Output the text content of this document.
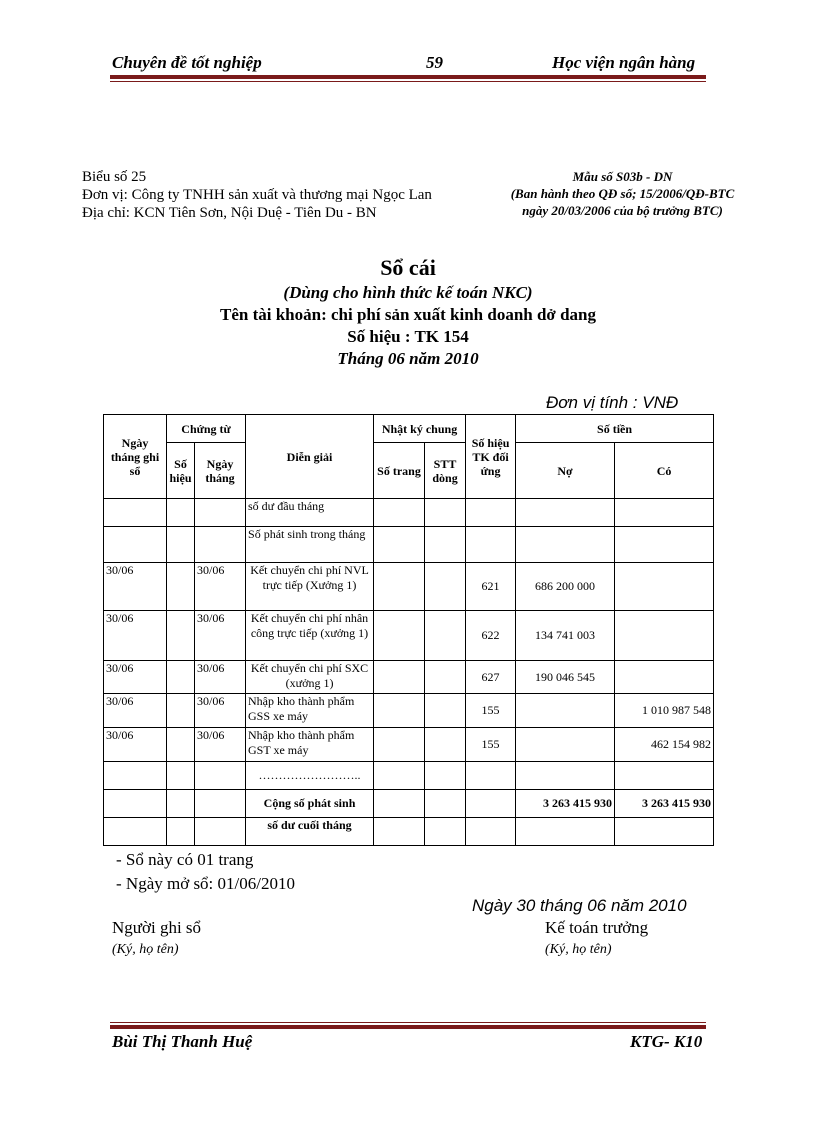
Chuyên đề tốt nghiệp	59	Học viện ngân hàng
Biểu số 25
Đơn vị: Công ty TNHH sản xuất và thương mại Ngọc Lan
Địa chỉ: KCN Tiên Sơn, Nội Duệ - Tiên Du - BN
Mẫu số S03b - DN
(Ban hành theo QĐ số; 15/2006/QĐ-BTC
ngày 20/03/2006 của bộ trưởng BTC)
Sổ cái
(Dùng cho hình thức kế toán NKC)
Tên tài khoản: chi phí sản xuất kinh doanh dở dang
Số hiệu : TK 154
Tháng 06 năm 2010
Đơn vị tính : VNĐ
Ngày tháng ghi sổ	Chứng từ		Diễn giải	Nhật ký chung		Số hiệu TK đối ứng	Số tiền	
	Số hiệu	Ngày tháng		Số trang	STT dòng		Nợ	Có
			số dư đầu tháng					
			Số phát sinh trong tháng					
30/06		30/06	Kết chuyển chi phí NVL trực tiếp (Xưởng 1)			621	686 200 000	
30/06		30/06	Kết chuyển chi phí nhân công trực tiếp (xưởng 1)			622	134 741 003	
30/06		30/06	Kết chuyển chi phí SXC (xưởng 1)			627	190 046 545	
30/06		30/06	Nhập kho thành phẩm GSS xe máy			155		1 010 987 548
30/06		30/06	Nhập kho thành phẩm GST xe máy			155		462 154 982
			……………………..					
			Cộng số phát sinh				3 263 415 930	3 263 415 930
			số dư cuối tháng					
- Sổ này có 01 trang
- Ngày mở sổ: 01/06/2010
Ngày 30 tháng 06 năm 2010
Người ghi sổ
(Ký, họ tên)
Kế toán trưởng
(Ký, họ tên)
Bùi Thị Thanh Huệ	KTG- K10
